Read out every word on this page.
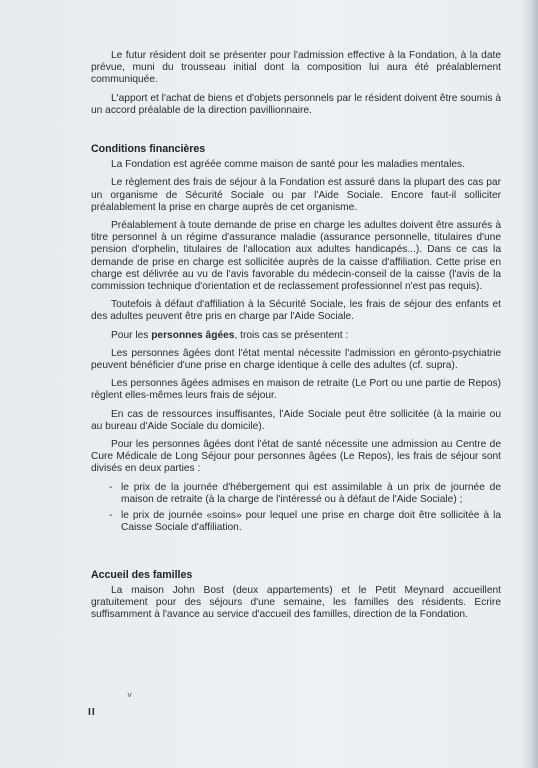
Le futur résident doit se présenter pour l'admission effective à la Fondation, à la date prévue, muni du trousseau initial dont la composition lui aura été préalablement communiquée.

L'apport et l'achat de biens et d'objets personnels par le résident doivent être soumis à un accord préalable de la direction pavillionnaire.

Conditions financières

La Fondation est agréée comme maison de santé pour les maladies mentales.

Le règlement des frais de séjour à la Fondation est assuré dans la plupart des cas par un organisme de Sécurité Sociale ou par l'Aide Sociale. Encore faut-il solliciter préalablement la prise en charge auprès de cet organisme.

Préalablement à toute demande de prise en charge les adultes doivent être assurés à titre personnel à un régime d'assurance maladie (assurance personnelle, titulaires d'une pension d'orphelin, titulaires de l'allocation aux adultes handicapés...). Dans ce cas la demande de prise en charge est sollicitée auprès de la caisse d'affiliation. Cette prise en charge est délivrée au vu de l'avis favorable du médecin-conseil de la caisse (l'avis de la commission technique d'orientation et de reclassement professionnel n'est pas requis).

Toutefois à défaut d'affiliation à la Sécurité Sociale, les frais de séjour des enfants et des adultes peuvent être pris en charge par l'Aide Sociale.

Pour les personnes âgées, trois cas se présentent :

Les personnes âgées dont l'état mental nécessite l'admission en géronto-psychiatrie peuvent bénéficier d'une prise en charge identique à celle des adultes (cf. supra).

Les personnes âgées admises en maison de retraite (Le Port ou une partie de Repos) règlent elles-mêmes leurs frais de séjour.

En cas de ressources insuffisantes, l'Aide Sociale peut être sollicitée (à la mairie ou au bureau d'Aide Sociale du domicile).

Pour les personnes âgées dont l'état de santé nécessite une admission au Centre de Cure Médicale de Long Séjour pour personnes âgées (Le Repos), les frais de séjour sont divisés en deux parties :

- le prix de la journée d'hébergement qui est assimilable à un prix de journée de maison de retraite (à la charge de l'intéressé ou à défaut de l'Aide Sociale) ;
- le prix de journée «soins» pour lequel une prise en charge doit être sollicitée à la Caisse Sociale d'affiliation.
Accueil des familles

La maison John Bost (deux appartements) et le Petit Meynard accueillent gratuitement pour des séjours d'une semaine, les familles des résidents. Ecrire suffisamment à l'avance au service d'accueil des familles, direction de la Fondation.

˅
II
